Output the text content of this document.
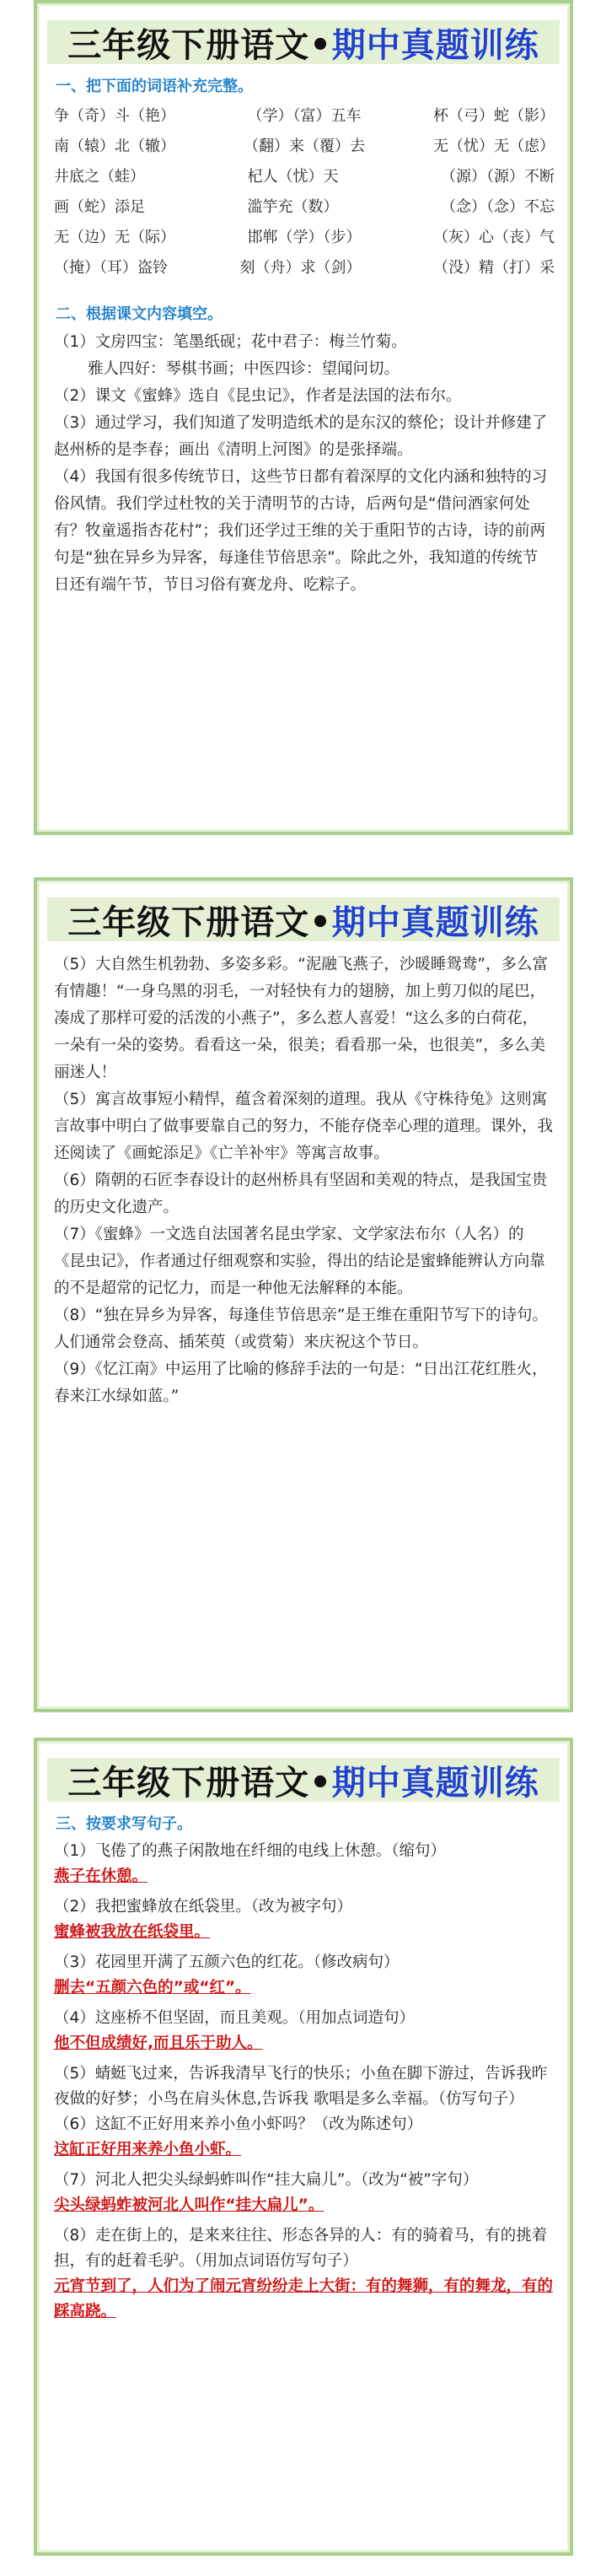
三年级下册语文• 期中真题训练
一、把下面的词语补充完整。
争（奇）斗（艳）	（学）（富）五车	杯（弓）蛇（影）
南（辕）北（辙）	（翻）来（覆）去	无（忧）无（虑）
井底之（蛙）	杞人（忧）天	（源）（源）不断
画（蛇）添足	滥竽充（数）	（念）（念）不忘
无（边）无（际）	邯郸（学）（步）	（灰）心（丧）气
（掩）（耳）盗铃	刻（舟）求（剑）	（没）精（打）采
二、根据课文内容填空。
（1）文房四宝：笔墨纸砚；花中君子：梅兰竹菊。
雅人四好：琴棋书画；中医四诊：望闻问切。
（2）课文《蜜蜂》选自《昆虫记》，作者是法国的法布尔。
（3）通过学习，我们知道了发明造纸术的是东汉的蔡伦；设计并修建了赵州桥的是李春；画出《清明上河图》的是张择端。
（4）我国有很多传统节日，这些节日都有着深厚的文化内涵和独特的习俗风情。我们学过杜牧的关于清明节的古诗，后两句是“借问酒家何处有？牧童遥指杏花村”；我们还学过王维的关于重阳节的古诗，诗的前两句是“独在异乡为异客，每逢佳节倍思亲”。除此之外，我知道的传统节日还有端午节，节日习俗有赛龙舟、吃粽子。
三年级下册语文• 期中真题训练
（5）大自然生机勃勃、多姿多彩。“泥融飞燕子，沙暖睡鸳鸯”，多么富有情趣！“一身乌黑的羽毛，一对轻快有力的翅膀，加上剪刀似的尾巴，凑成了那样可爱的活泼的小燕子”，多么惹人喜爱！“这么多的白荷花，一朵有一朵的姿势。看看这一朵，很美；看看那一朵，也很美”，多么美丽迷人！
（5）寓言故事短小精悍，蕴含着深刻的道理。我从《守株待兔》这则寓言故事中明白了做事要靠自己的努力，不能存侥幸心理的道理。课外，我还阅读了《画蛇添足》《亡羊补牢》等寓言故事。
（6）隋朝的石匠李春设计的赵州桥具有坚固和美观的特点，是我国宝贵的历史文化遗产。
（7）《蜜蜂》一文选自法国著名昆虫学家、文学家法布尔（人名）的《昆虫记》，作者通过仔细观察和实验，得出的结论是蜜蜂能辨认方向靠的不是超常的记忆力，而是一种他无法解释的本能。
（8）“独在异乡为异客，每逢佳节倍思亲”是王维在重阳节写下的诗句。人们通常会登高、插茱萸（或赏菊）来庆祝这个节日。
（9）《忆江南》中运用了比喻的修辞手法的一句是：“日出江花红胜火，春来江水绿如蓝。”
三年级下册语文• 期中真题训练
三、按要求写句子。
（1）飞倦了的燕子闲散地在纤细的电线上休憩。（缩句）
燕子在休憩。
（2）我把蜜蜂放在纸袋里。（改为被字句）
蜜蜂被我放在纸袋里。
（3）花园里开满了五颜六色的红花。（修改病句）
删去“五颜六色的”或“红”。
（4）这座桥不但坚固，而且美观。（用加点词造句）
他不但成绩好,而且乐于助人。
（5）蜻蜓飞过来，告诉我清早飞行的快乐；小鱼在脚下游过，告诉我昨夜做的好梦；小鸟在肩头休息,告诉我 歌唱是多么幸福。（仿写句子）
（6）这缸不正好用来养小鱼小虾吗？（改为陈述句）
这缸正好用来养小鱼小虾。
（7）河北人把尖头绿蚂蚱叫作“挂大扁儿”。（改为“被”字句）
尖头绿蚂蚱被河北人叫作“挂大扁儿”。
（8）走在街上的，是来来往往、形态各异的人：有的骑着马，有的挑着担，有的赶着毛驴。（用加点词语仿写句子）
元宵节到了，人们为了闹元宵纷纷走上大街：有的舞狮，有的舞龙，有的踩高跷。
